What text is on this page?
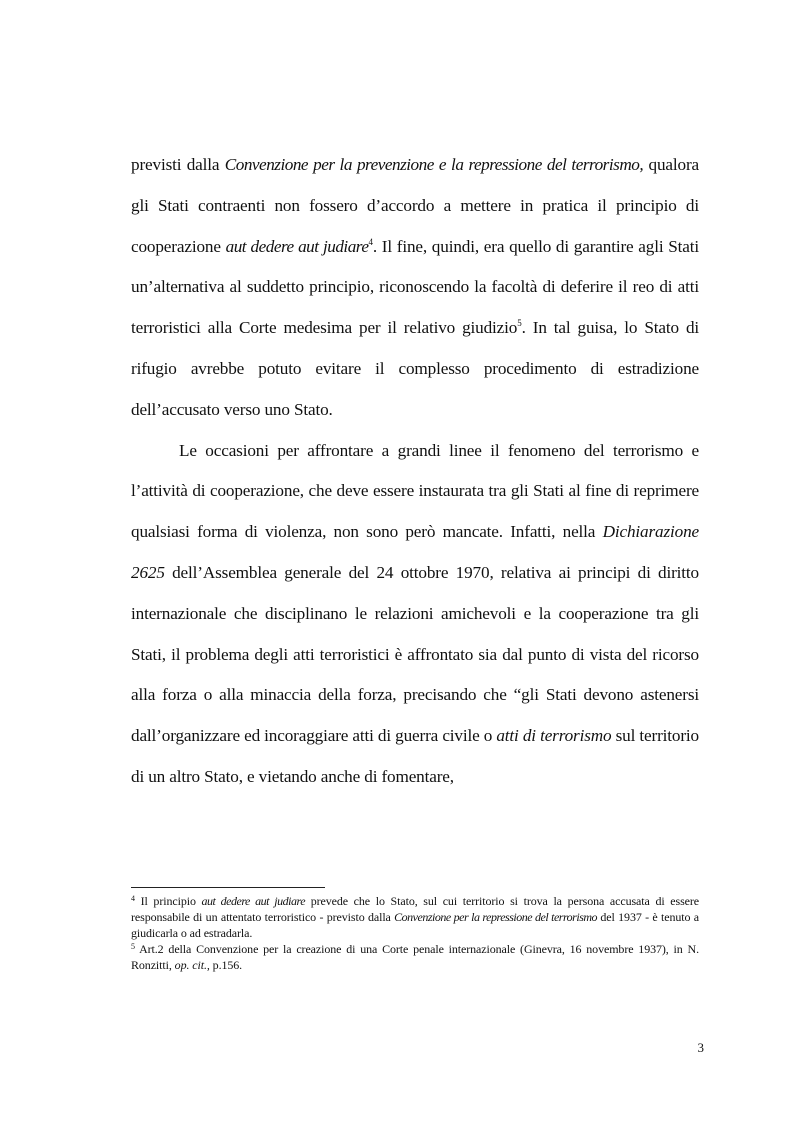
previsti dalla Convenzione per la prevenzione e la repressione del terrorismo, qualora gli Stati contraenti non fossero d’accordo a mettere in pratica il principio di cooperazione aut dedere aut judiare$^4$. Il fine, quindi, era quello di garantire agli Stati un’alternativa al suddetto principio, riconoscendo la facoltà di deferire il reo di atti terroristici alla Corte medesima per il relativo giudizio$^5$. In tal guisa, lo Stato di rifugio avrebbe potuto evitare il complesso procedimento di estradizione dell’accusato verso uno Stato.

Le occasioni per affrontare a grandi linee il fenomeno del terrorismo e l’attività di cooperazione, che deve essere instaurata tra gli Stati al fine di reprimere qualsiasi forma di violenza, non sono però mancate. Infatti, nella Dichiarazione 2625 dell’Assemblea generale del 24 ottobre 1970, relativa ai principi di diritto internazionale che disciplinano le relazioni amichevoli e la cooperazione tra gli Stati, il problema degli atti terroristici è affrontato sia dal punto di vista del ricorso alla forza o alla minaccia della forza, precisando che “gli Stati devono astenersi dall’organizzare ed incoraggiare atti di guerra civile o atti di terrorismo sul territorio di un altro Stato, e vietando anche di fomentare,

$^4$ Il principio aut dedere aut judiare prevede che lo Stato, sul cui territorio si trova la persona accusata di essere responsabile di un attentato terroristico - previsto dalla Convenzione per la repressione del terrorismo del 1937 - è tenuto a giudicarla o ad estradarla.

$^5$ Art.2 della Convenzione per la creazione di una Corte penale internazionale (Ginevra, 16 novembre 1937), in N. Ronzitti, op. cit., p.156.

3
